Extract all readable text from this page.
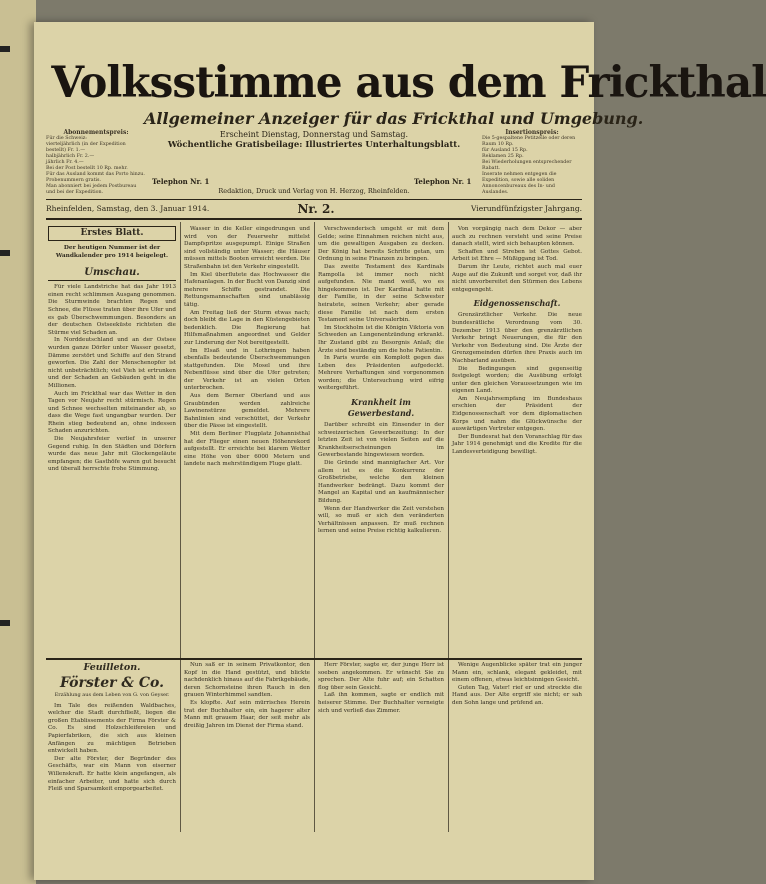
Volksstimme aus dem Frickthal
Abonnementspreis:
Für die Schweiz:
vierteljährlich (in der Expedition bestellt) Fr. 1.—
halbjährlich Fr. 2.—
jährlich Fr. 4.—
Bei der Post bestellt 10 Rp. mehr.
Für das Ausland kommt das Porto hinzu.
Probenummern gratis.
Man abonniert bei jedem Postbureau und bei der Expedition.
Insertionspreis:
Die 5-gespaltene Petitzeile oder deren Raum 10 Rp.
für Ausland 15 Rp.
Reklamen 25 Rp.
Bei Wiederholungen entsprechender Rabatt.
Inserate nehmen entgegen die Expedition, sowie alle soliden Annoncenbureaux des In- und Auslandes.
Allgemeiner Anzeiger für das Frickthal und Umgebung.
Erscheint Dienstag, Donnerstag und Samstag.
Wöchentliche Gratisbeilage: Illustriertes Unterhaltungsblatt.
Telephon Nr. 1	Telephon Nr. 1
Redaktion, Druck und Verlag von H. Herzog, Rheinfelden.
Rheinfelden, Samstag, den 3. Januar 1914.	Nr. 2.	Vierundfünfzigster Jahrgang.
Erstes Blatt.
Der heutigen Nummer ist der Wandkalender pro 1914 beigelegt.
Umschau.

Für viele Landstriche hat das Jahr 1913 einen recht schlimmen Ausgang genommen. Die Sturmwinde brachten Regen und Schnee, die Flüsse traten über ihre Ufer und es gab Überschwemmungen. Besonders an der deutschen Ostseeküste richteten die Stürme viel Schaden an.

In Norddeutschland und an der Ostsee wurden ganze Dörfer unter Wasser gesetzt, Dämme zerstört und Schiffe auf den Strand geworfen. Die Zahl der Menschenopfer ist nicht unbeträchtlich; viel Vieh ist ertrunken und der Schaden an Gebäuden geht in die Millionen.

Auch im Frickthal war das Wetter in den Tagen vor Neujahr recht stürmisch. Regen und Schnee wechselten miteinander ab, so dass die Wege fast ungangbar wurden. Der Rhein stieg bedeutend an, ohne indessen Schaden anzurichten.

Die Neujahrsfeier verlief in unserer Gegend ruhig. In den Städten und Dörfern wurde das neue Jahr mit Glockengeläute empfangen; die Gasthöfe waren gut besucht und überall herrschte frohe Stimmung.

Wasser in die Keller eingedrungen und wird von der Feuerwehr mittelst Dampfspritze ausgepumpt. Einige Straßen sind vollständig unter Wasser; die Häuser müssen mittels Booten erreicht werden. Die Straßenbahn ist den Verkehr eingestellt.

Im Kiel überflutete das Hochwasser die Hafenanlagen. In der Bucht von Danzig sind mehrere Schiffe gestrandet. Die Rettungsmannschaften sind unablässig tätig.

Am Freitag ließ der Sturm etwas nach; doch bleibt die Lage in den Küstengebieten bedenklich. Die Regierung hat Hilfsmaßnahmen angeordnet und Gelder zur Linderung der Not bereitgestellt.

Im Elsaß und in Lothringen haben ebenfalls bedeutende Überschwemmungen stattgefunden. Die Mosel und ihre Nebenflüsse sind über die Ufer getreten; der Verkehr ist an vielen Orten unterbrochen.

Aus dem Berner Oberland und aus Graubünden werden zahlreiche Lawinenstürze gemeldet. Mehrere Bahnlinien sind verschüttet, der Verkehr über die Pässe ist eingestellt.

Mit dem Berliner Flugplatz Johannisthal hat der Flieger einen neuen Höhenrekord aufgestellt. Er erreichte bei klarem Wetter eine Höhe von über 6000 Metern und landete nach mehrstündigem Fluge glatt.

Verschwenderisch umgeht er mit dem Gelde; seine Einnahmen reichen nicht aus, um die gewaltigen Ausgaben zu decken. Der König hat bereits Schritte getan, um Ordnung in seine Finanzen zu bringen.

Das zweite Testament des Kardinals Rampolla ist immer noch nicht aufgefunden. Nie mand weiß, wo es hingekommen ist. Der Kardinal hatte mit der Familie, in der seine Schwester heiratete, seinen Verkehr; aber gerade diese Familie ist nach dem ersten Testament seine Universalerbin.

Im Stockholm ist die Königin Viktoria von Schweden an Lungenentzündung erkrankt. Ihr Zustand gibt zu Besorgnis Anlaß; die Ärzte sind beständig um die hohe Patientin.

In Paris wurde ein Komplott gegen das Leben des Präsidenten aufgedeckt. Mehrere Verhaftungen sind vorgenommen worden; die Untersuchung wird eifrig weitergeführt.

Krankheit im Gewerbestand.

Darüber schreibt ein Einsender in der schweizerischen Gewerbezeitung: In der letzten Zeit ist von vielen Seiten auf die Krankheitserscheinungen im Gewerbestande hingewiesen worden.

Die Gründe sind mannigfacher Art. Vor allem ist es die Konkurrenz der Großbetriebe, welche den kleinen Handwerker bedrängt. Dazu kommt der Mangel an Kapital und an kaufmännischer Bildung.

Wenn der Handwerker die Zeit verstehen will, so muß er sich den veränderten Verhältnissen anpassen. Er muß rechnen lernen und seine Preise richtig kalkulieren.

Von vorgängig nach dem Dekor — aber auch zu rechnen versteht und seine Preise danach stellt, wird sich behaupten können.

Schaffen und Streben ist Gottes Gebot. Arbeit ist Ehre — Müßiggang ist Tod.

Darum ihr Leute, richtet auch mal euer Auge auf die Zukunft und sorget vor, daß ihr nicht unvorbereitet den Stürmen des Lebens entgegengeht.

Eidgenossenschaft.

Grenzärztlicher Verkehr. Die neue bundesrätliche Verordnung vom 30. Dezember 1913 über den grenzärztlichen Verkehr bringt Neuerungen, die für den Verkehr von Bedeutung sind. Die Ärzte der Grenzgemeinden dürfen ihre Praxis auch im Nachbarland ausüben.

Die Bedingungen sind gegenseitig festgelegt worden; die Ausübung erfolgt unter den gleichen Voraussetzungen wie im eigenen Land.

Am Neujahrsempfang im Bundeshaus erschien der Präsident der Eidgenossenschaft vor dem diplomatischen Korps und nahm die Glückwünsche der auswärtigen Vertreter entgegen.

Der Bundesrat hat den Voranschlag für das Jahr 1914 genehmigt und die Kredite für die Landesverteidigung bewilligt.

Feuilleton.
Förster & Co.
Erzählung aus dem Leben von G. von Geyser.

Im Tale des reißenden Waldbaches, welcher die Stadt durchfließt, liegen die großen Etablissements der Firma Förster & Co. Es sind Holzschleifereien und Papierfabriken, die sich aus kleinen Anfängen zu mächtigen Betrieben entwickelt haben.

Der alte Förster, der Begründer des Geschäfts, war ein Mann von eiserner Willenskraft. Er hatte klein angefangen, als einfacher Arbeiter, und hatte sich durch Fleiß und Sparsamkeit emporgearbeitet.

Nun saß er in seinem Privatkontor, den Kopf in die Hand gestützt, und blickte nachdenklich hinaus auf die Fabrikgebäude, deren Schornsteine ihren Rauch in den grauen Winterhimmel sandten.

Es klopfte. Auf sein mürrisches Herein trat der Buchhalter ein, ein hagerer alter Mann mit grauem Haar, der seit mehr als dreißig Jahren im Dienst der Firma stand.

Herr Förster, sagte er, der junge Herr ist soeben angekommen. Er wünscht Sie zu sprechen. Der Alte fuhr auf; ein Schatten flog über sein Gesicht.

Laß ihn kommen, sagte er endlich mit heiserer Stimme. Der Buchhalter verneigte sich und verließ das Zimmer.

Wenige Augenblicke später trat ein junger Mann ein, schlank, elegant gekleidet, mit einem offenen, etwas leichtsinnigen Gesicht.

Guten Tag, Vater! rief er und streckte die Hand aus. Der Alte ergriff sie nicht; er sah den Sohn lange und prüfend an.
